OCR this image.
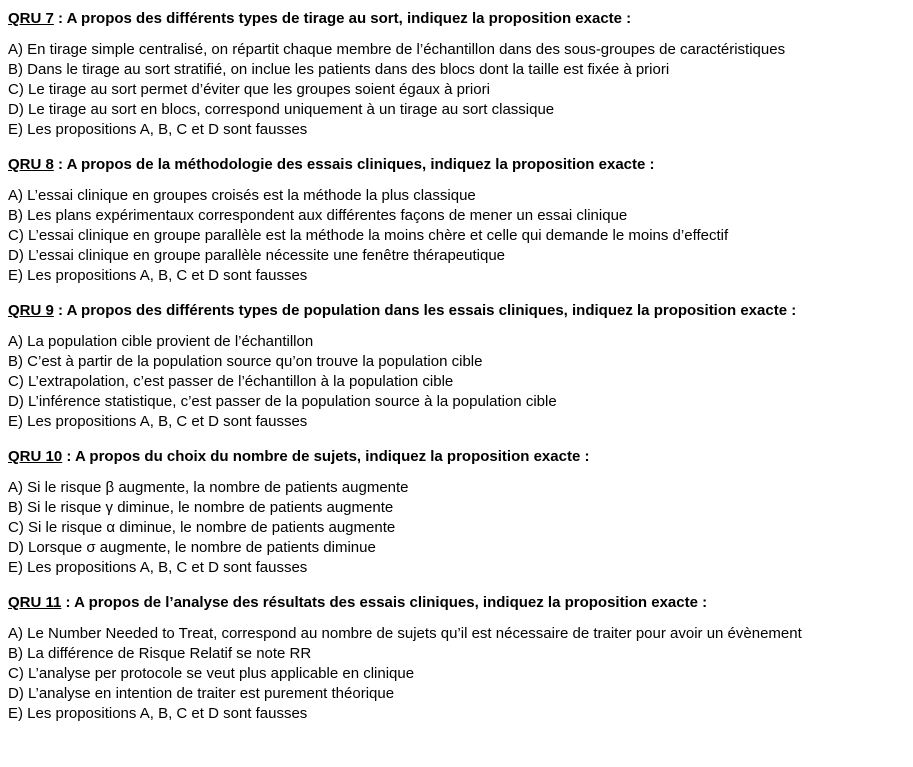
QRU 7 : A propos des différents types de tirage au sort, indiquez la proposition exacte :

A) En tirage simple centralisé, on répartit chaque membre de l’échantillon dans des sous-groupes de caractéristiques
B) Dans le tirage au sort stratifié, on inclue les patients dans des blocs dont la taille est fixée à priori
C) Le tirage au sort permet d’éviter que les groupes soient égaux à priori
D) Le tirage au sort en blocs, correspond uniquement à un tirage au sort classique
E) Les propositions A, B, C et D sont fausses

QRU 8 : A propos de la méthodologie des essais cliniques, indiquez la proposition exacte :

A) L’essai clinique en groupes croisés est la méthode la plus classique
B) Les plans expérimentaux correspondent aux différentes façons de mener un essai clinique
C) L’essai clinique en groupe parallèle est la méthode la moins chère et celle qui demande le moins d’effectif
D) L’essai clinique en groupe parallèle nécessite une fenêtre thérapeutique
E) Les propositions A, B, C et D sont fausses

QRU 9 : A propos des différents types de population dans les essais cliniques, indiquez la proposition exacte :

A) La population cible provient de l’échantillon
B) C’est à partir de la population source qu’on trouve la population cible
C) L’extrapolation, c’est passer de l’échantillon à la population cible
D) L’inférence statistique, c’est passer de la population source à la population cible
E) Les propositions A, B, C et D sont fausses

QRU 10 : A propos du choix du nombre de sujets, indiquez la proposition exacte :

A) Si le risque β augmente, la nombre de patients augmente
B) Si le risque γ diminue, le nombre de patients augmente
C) Si le risque α diminue, le nombre de patients augmente
D) Lorsque σ augmente, le nombre de patients diminue
E) Les propositions A, B, C et D sont fausses

QRU 11 : A propos de l’analyse des résultats des essais cliniques, indiquez la proposition exacte :

A) Le Number Needed to Treat, correspond au nombre de sujets qu’il est nécessaire de traiter pour avoir un évènement
B) La différence de Risque Relatif se note RR
C) L’analyse per protocole se veut plus applicable en clinique
D) L’analyse en intention de traiter est purement théorique
E) Les propositions A, B, C et D sont fausses
